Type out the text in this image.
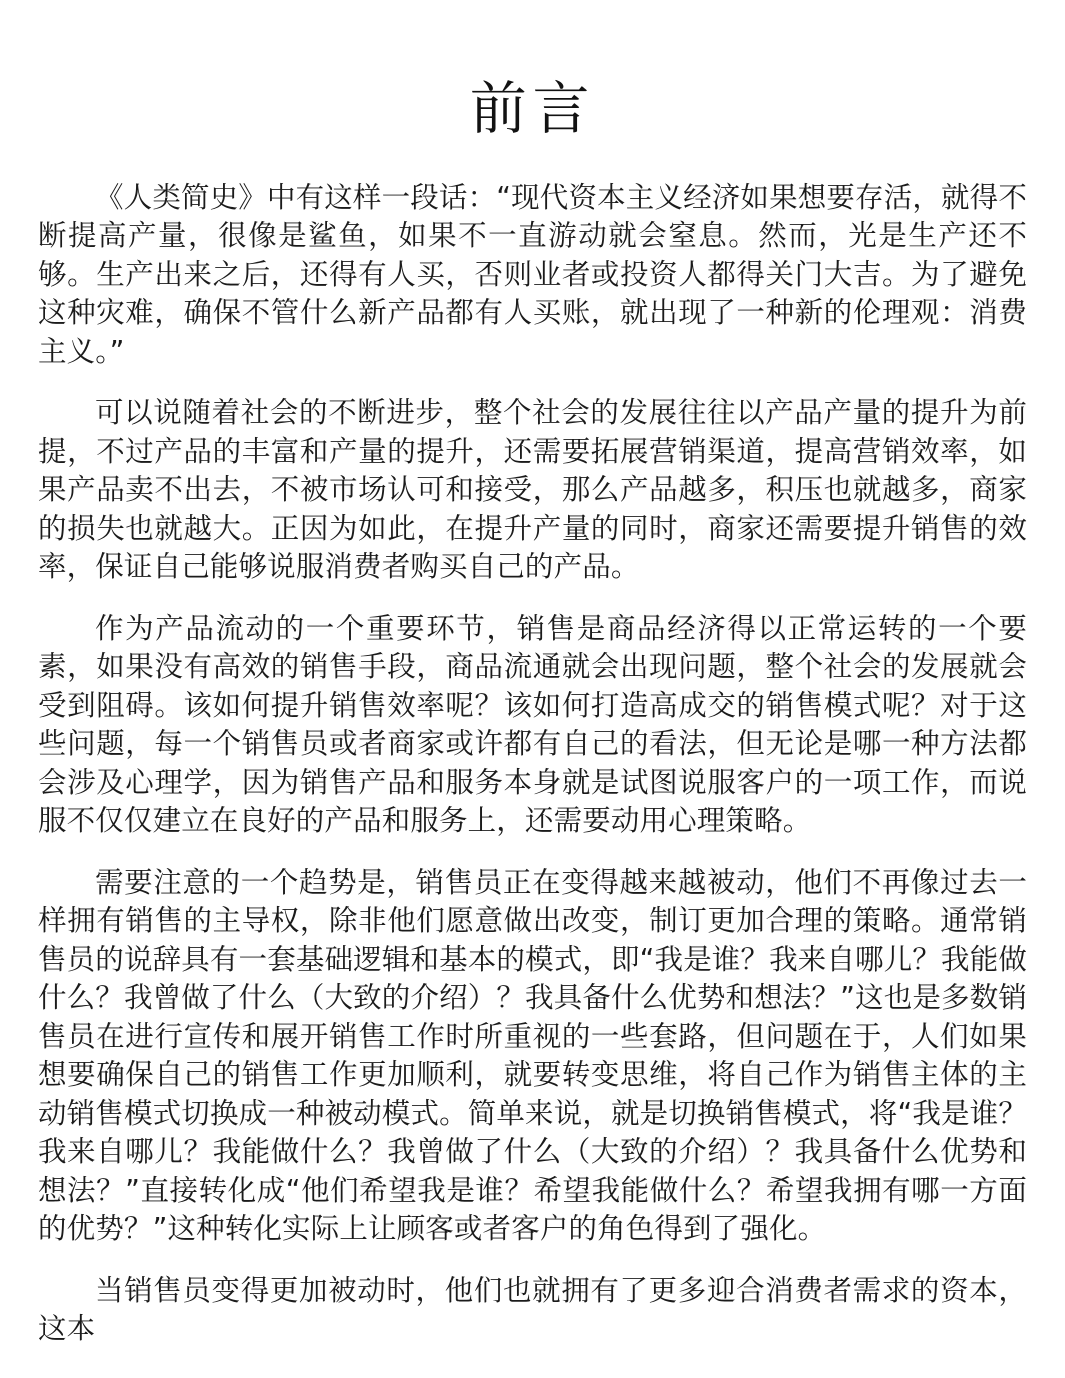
前言

《人类简史》中有这样一段话：“现代资本主义经济如果想要存活，就得不断提高产量，很像是鲨鱼，如果不一直游动就会窒息。然而，光是生产还不够。生产出来之后，还得有人买，否则业者或投资人都得关门大吉。为了避免这种灾难，确保不管什么新产品都有人买账，就出现了一种新的伦理观：消费主义。”

可以说随着社会的不断进步，整个社会的发展往往以产品产量的提升为前提，不过产品的丰富和产量的提升，还需要拓展营销渠道，提高营销效率，如果产品卖不出去，不被市场认可和接受，那么产品越多，积压也就越多，商家的损失也就越大。正因为如此，在提升产量的同时，商家还需要提升销售的效率，保证自己能够说服消费者购买自己的产品。

作为产品流动的一个重要环节，销售是商品经济得以正常运转的一个要素，如果没有高效的销售手段，商品流通就会出现问题，整个社会的发展就会受到阻碍。该如何提升销售效率呢？该如何打造高成交的销售模式呢？对于这些问题，每一个销售员或者商家或许都有自己的看法，但无论是哪一种方法都会涉及心理学，因为销售产品和服务本身就是试图说服客户的一项工作，而说服不仅仅建立在良好的产品和服务上，还需要动用心理策略。

需要注意的一个趋势是，销售员正在变得越来越被动，他们不再像过去一样拥有销售的主导权，除非他们愿意做出改变，制订更加合理的策略。通常销售员的说辞具有一套基础逻辑和基本的模式，即“我是谁？我来自哪儿？我能做什么？我曾做了什么（大致的介绍）？我具备什么优势和想法？”这也是多数销售员在进行宣传和展开销售工作时所重视的一些套路，但问题在于，人们如果想要确保自己的销售工作更加顺利，就要转变思维，将自己作为销售主体的主动销售模式切换成一种被动模式。简单来说，就是切换销售模式，将“我是谁？我来自哪儿？我能做什么？我曾做了什么（大致的介绍）？我具备什么优势和想法？”直接转化成“他们希望我是谁？希望我能做什么？希望我拥有哪一方面的优势？”这种转化实际上让顾客或者客户的角色得到了强化。

当销售员变得更加被动时，他们也就拥有了更多迎合消费者需求的资本，这本
